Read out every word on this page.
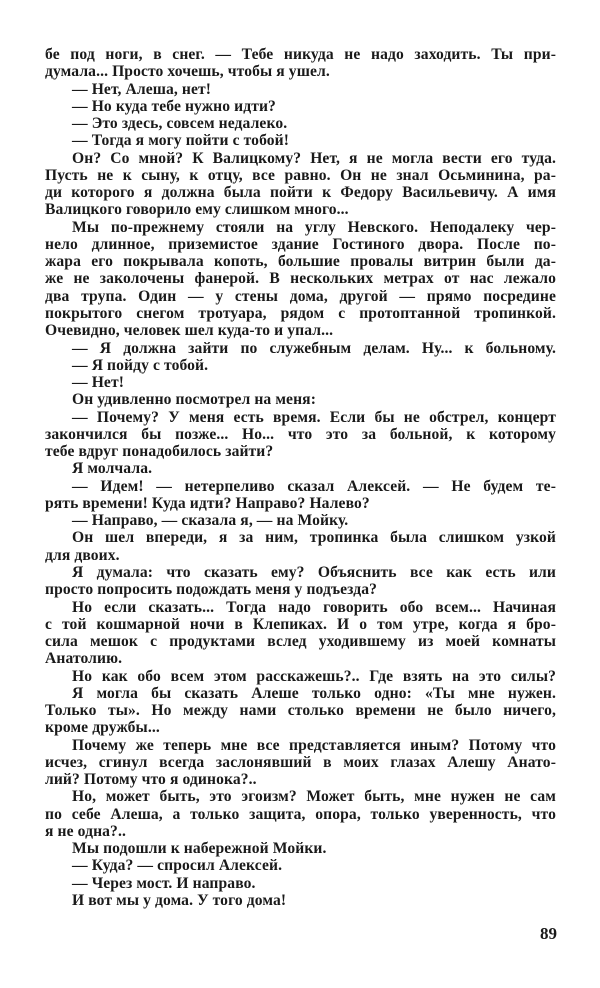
бе под ноги, в снег. — Тебе никуда не надо заходить. Ты при-
думала... Просто хочешь, чтобы я ушел.
— Нет, Алеша, нет!
— Но куда тебе нужно идти?
— Это здесь, совсем недалеко.
— Тогда я могу пойти с тобой!
Он? Со мной? К Валицкому? Нет, я не могла вести его туда.
Пусть не к сыну, к отцу, все равно. Он не знал Осьминина, ра-
ди которого я должна была пойти к Федору Васильевичу. А имя
Валицкого говорило ему слишком много...
Мы по-прежнему стояли на углу Невского. Неподалеку чер-
нело длинное, приземистое здание Гостиного двора. После по-
жара его покрывала копоть, большие провалы витрин были да-
же не заколочены фанерой. В нескольких метрах от нас лежало
два трупа. Один — у стены дома, другой — прямо посредине
покрытого снегом тротуара, рядом с протоптанной тропинкой.
Очевидно, человек шел куда-то и упал...
— Я должна зайти по служебным делам. Ну... к больному.
— Я пойду с тобой.
— Нет!
Он удивленно посмотрел на меня:
— Почему? У меня есть время. Если бы не обстрел, концерт
закончился бы позже... Но... что это за больной, к которому
тебе вдруг понадобилось зайти?
Я молчала.
— Идем! — нетерпеливо сказал Алексей. — Не будем те-
рять времени! Куда идти? Направо? Налево?
— Направо, — сказала я, — на Мойку.
Он шел впереди, я за ним, тропинка была слишком узкой
для двоих.
Я думала: что сказать ему? Объяснить все как есть или
просто попросить подождать меня у подъезда?
Но если сказать... Тогда надо говорить обо всем... Начиная
с той кошмарной ночи в Клепиках. И о том утре, когда я бро-
сила мешок с продуктами вслед уходившему из моей комнаты
Анатолию.
Но как обо всем этом расскажешь?.. Где взять на это силы?
Я могла бы сказать Алеше только одно: «Ты мне нужен.
Только ты». Но между нами столько времени не было ничего,
кроме дружбы...
Почему же теперь мне все представляется иным? Потому что
исчез, сгинул всегда заслонявший в моих глазах Алешу Анато-
лий? Потому что я одинока?..
Но, может быть, это эгоизм? Может быть, мне нужен не сам
по себе Алеша, а только защита, опора, только уверенность, что
я не одна?..
Мы подошли к набережной Мойки.
— Куда? — спросил Алексей.
— Через мост. И направо.
И вот мы у дома. У того дома!
89
